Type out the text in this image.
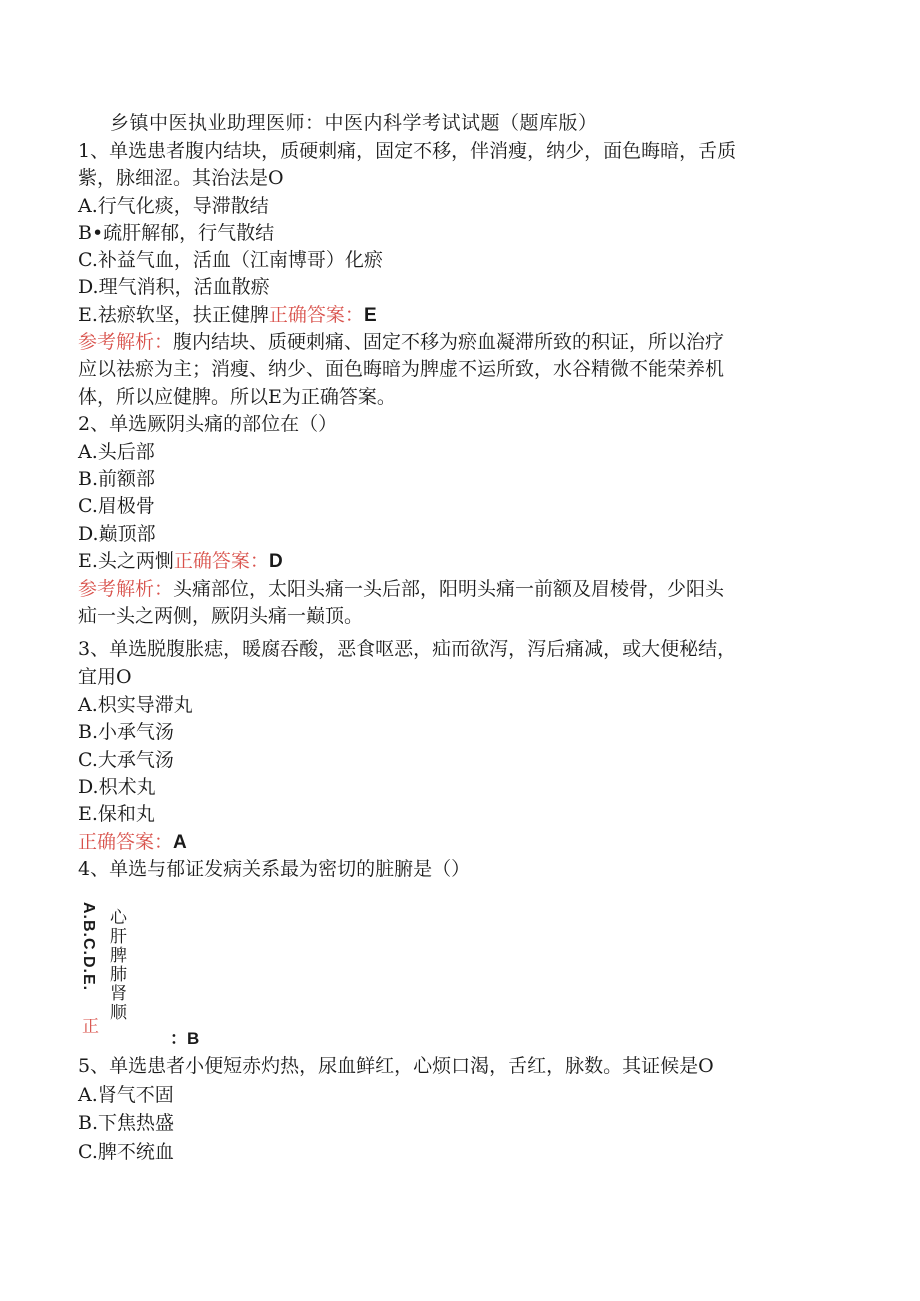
乡镇中医执业助理医师：中医内科学考试试题（题库版）
1、单选患者腹内结块，质硬刺痛，固定不移，伴消瘦，纳少，面色晦暗，舌质
紫，脉细涩。其治法是O
A.行气化痰，导滞散结
B•疏肝解郁，行气散结
C.补益气血，活血（江南博哥）化瘀
D.理气消积，活血散瘀
E.祛瘀软坚，扶正健脾正确答案：E
参考解析：腹内结块、质硬刺痛、固定不移为瘀血凝滞所致的积证，所以治疗
应以祛瘀为主；消瘦、纳少、面色晦暗为脾虚不运所致，水谷精微不能荣养机
体，所以应健脾。所以E为正确答案。
2、单选厥阴头痛的部位在（）
A.头后部
B.前额部
C.眉极骨
D.巅顶部
E.头之两惻正确答案：D
参考解析：头痛部位，太阳头痛一头后部，阳明头痛一前额及眉棱骨，少阳头
疝一头之两侧，厥阴头痛一巅顶。
3、单选脱腹胀痣，暖腐吞酸，恶食呕恶，疝而欲泻，泻后痛减，或大便秘结，
宜用O
A.枳实导滞丸
B.小承气汤
C.大承气汤
D.枳术丸
E.保和丸
正确答案：A
4、单选与郁证发病关系最为密切的脏腑是（）
A.B.C.D.E. 心肝脾肺肾顺
正
：B
5、单选患者小便短赤灼热，尿血鲜红，心烦口渴，舌红，脉数。其证候是O
A.肾气不固
B.下焦热盛
C.脾不统血
